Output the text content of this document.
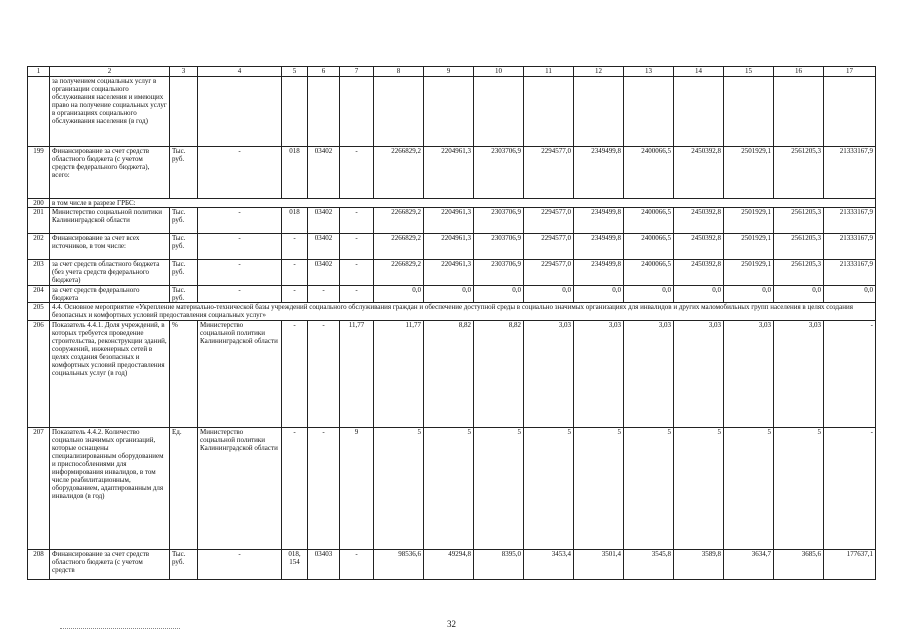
1	2	3	4	5	6	7	8	9	10	11	12	13	14	15	16	17
	за получением социальных услуг в организации социального обслуживания населения и имеющих право на получение социальных услуг в организациях социального обслуживания населения (в год)															
199	Финансирование за счет средств областного бюджета (с учетом средств федерального бюджета), всего:	Тыс. руб.	-	018	03402	-	2266829,2	2204961,3	2303706,9	2294577,0	2349499,8	2400066,5	2450392,8	2501929,1	2561205,3	21333167,9
200	в том числе в разрезе ГРБС:															
201	Министерство социальной политики Калининградской области	Тыс. руб.	-	018	03402	-	2266829,2	2204961,3	2303706,9	2294577,0	2349499,8	2400066,5	2450392,8	2501929,1	2561205,3	21333167,9
202	Финансирование за счет всех источников, в том числе:	Тыс. руб.	-	-	03402	-	2266829,2	2204961,3	2303706,9	2294577,0	2349499,8	2400066,5	2450392,8	2501929,1	2561205,3	21333167,9
203	за счет средств областного бюджета (без учета средств федерального бюджета)	Тыс. руб.	-	-	03402	-	2266829,2	2204961,3	2303706,9	2294577,0	2349499,8	2400066,5	2450392,8	2501929,1	2561205,3	21333167,9
204	за счет средств федерального бюджета	Тыс. руб.	-	-	-	-	0,0	0,0	0,0	0,0	0,0	0,0	0,0	0,0	0,0	0,0
205	4.4. Основное мероприятие «Укрепление материально-технической базы учреждений социального обслуживания граждан и обеспечение доступной среды в социально значимых организациях для инвалидов и других маломобильных групп населения в целях создания безопасных и комфортных условий предоставления социальных услуг»															
206	Показатель 4.4.1. Доля учреждений, в которых требуется проведение строительства, реконструкции зданий, сооружений, инженерных сетей в целях создания безопасных и комфортных условий предоставления социальных услуг (в год)	%	Министерство социальной политики Калининградской области	-	-	11,77	11,77	8,82	8,82	3,03	3,03	3,03	3,03	3,03	3,03	-
207	Показатель 4.4.2. Количество социально значимых организаций, которые оснащены специализированным оборудованием и приспособлениями для информирования инвалидов, в том числе реабилитационным, оборудованием, адаптированным для инвалидов (в год)	Ед.	Министерство социальной политики Калининградской области	-	-	9	5	5	5	5	5	5	5	5	5	-
208	Финансирование за счет средств областного бюджета (с учетом средств	Тыс. руб.	-	018, 154	03403	-	98536,6	49294,8	8395,0	3453,4	3501,4	3545,8	3589,8	3634,7	3685,6	177637,1
32
